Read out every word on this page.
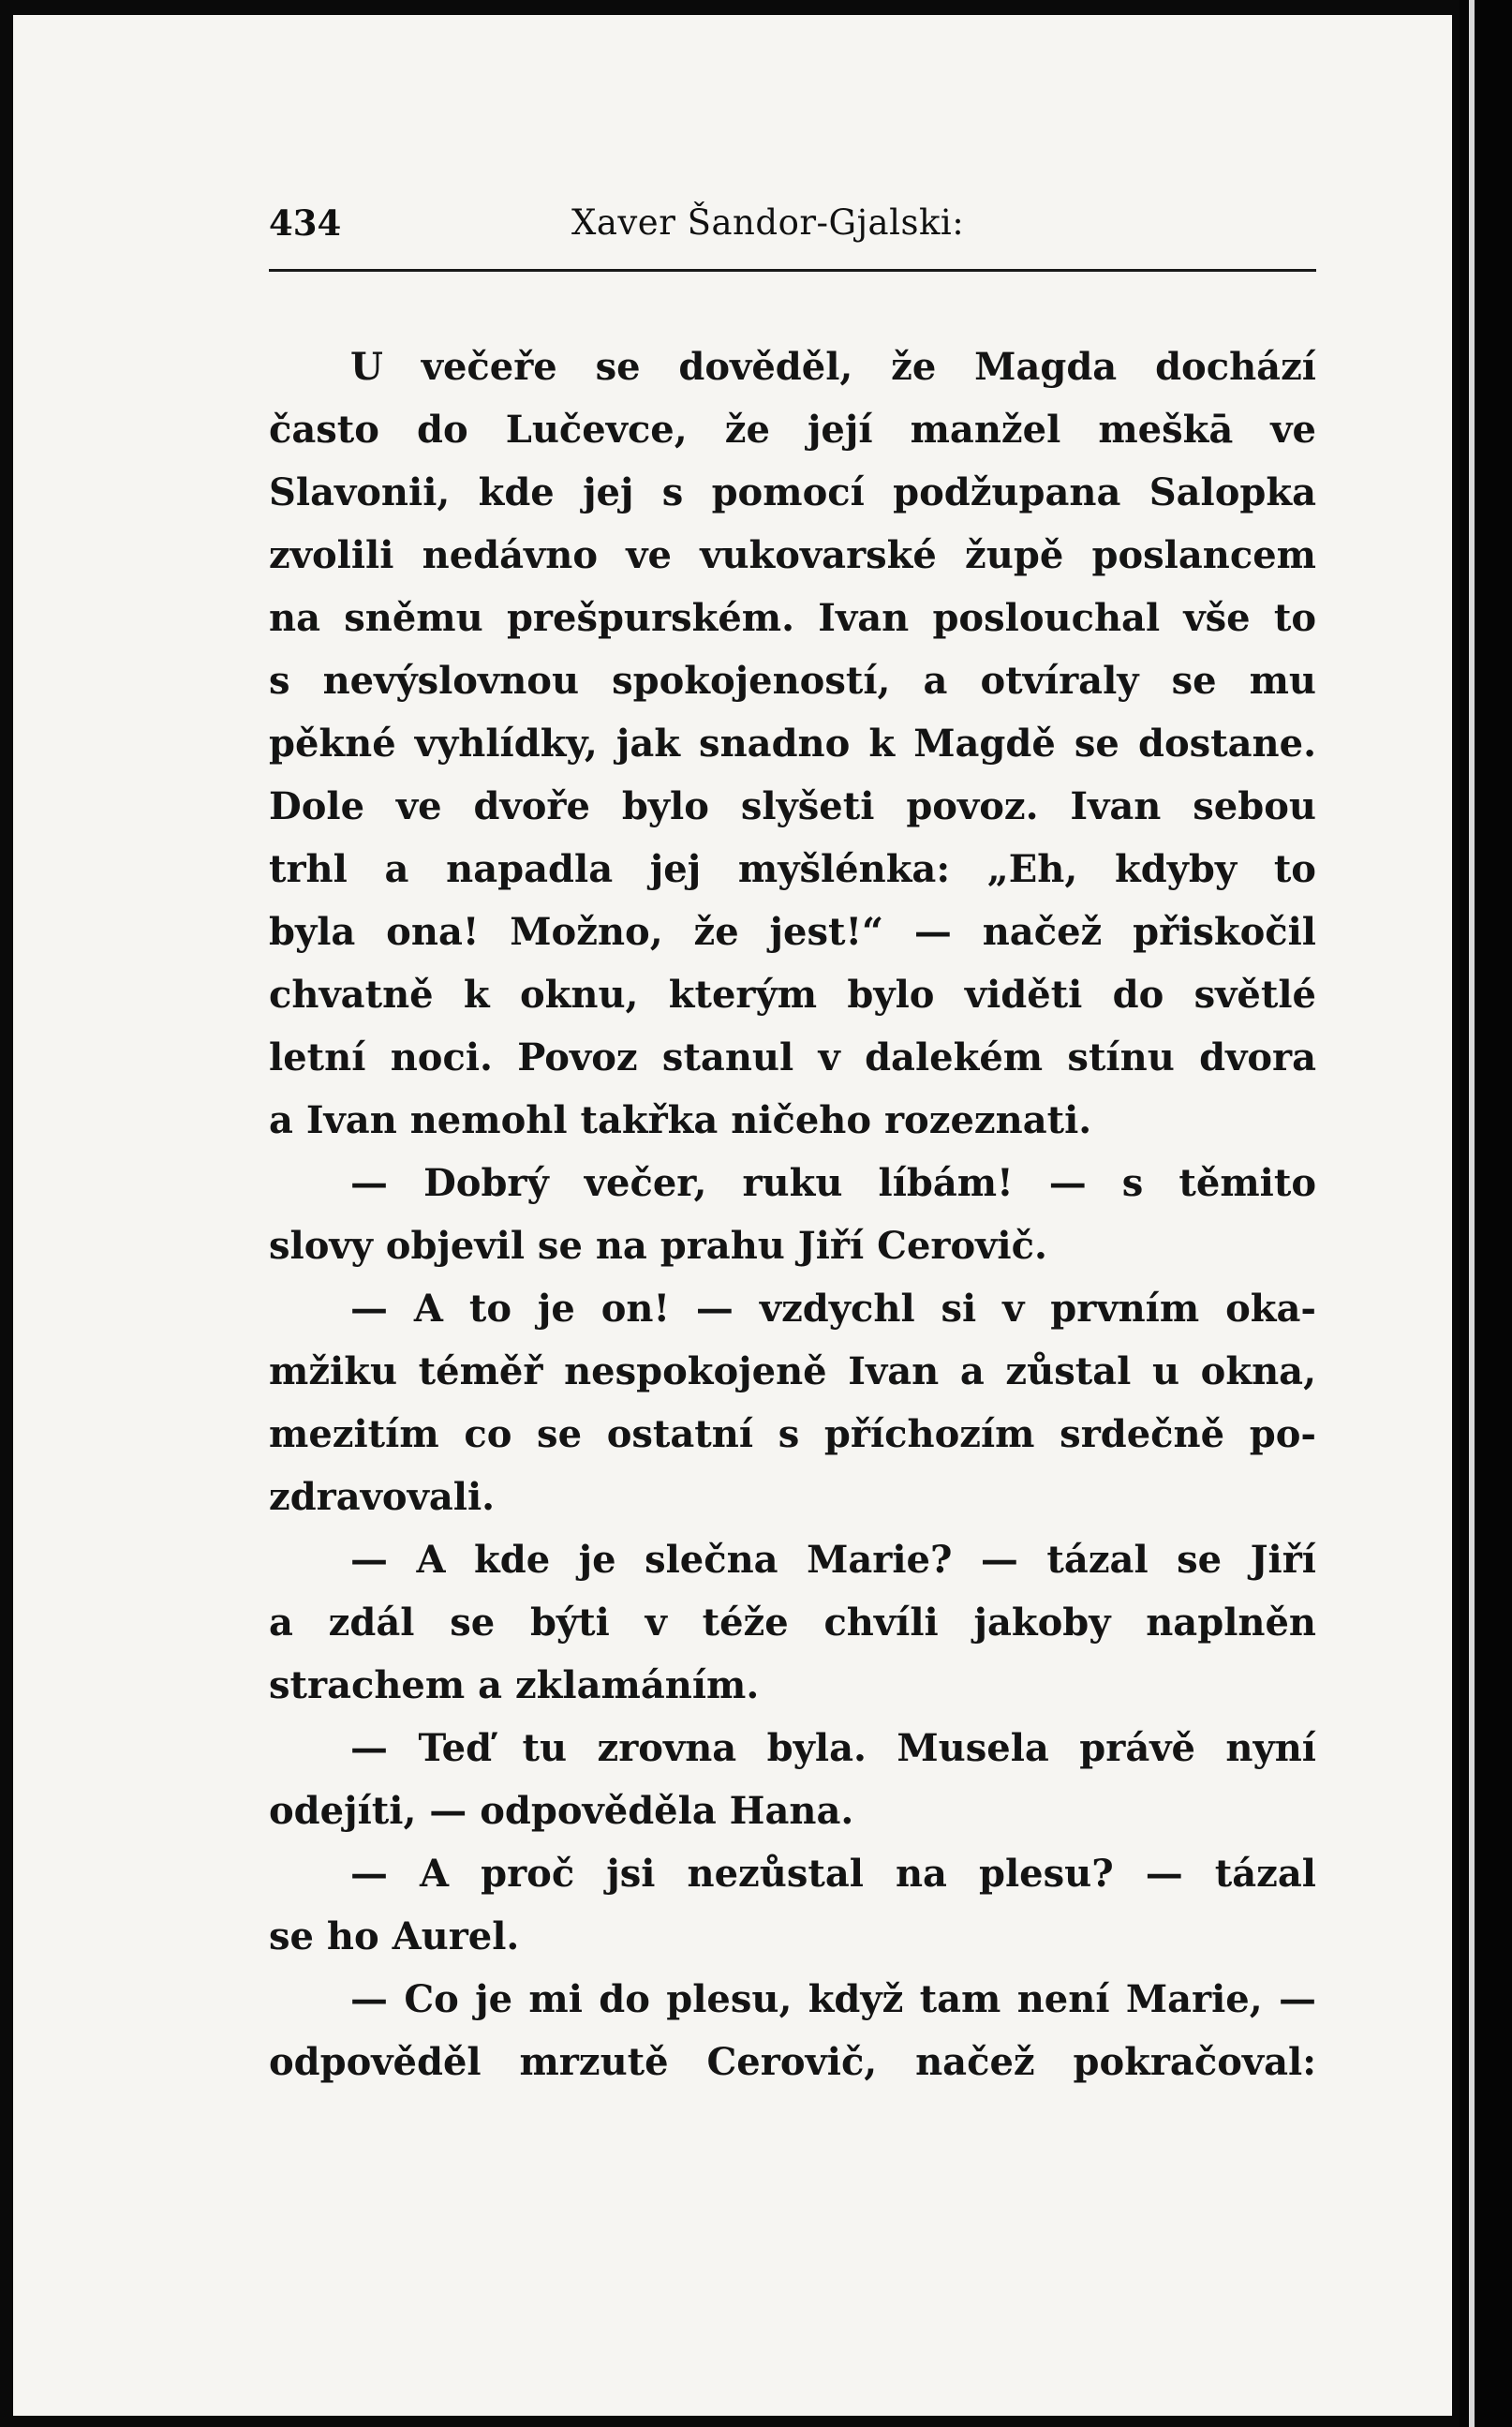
434	Xaver Šandor-Gjalski:
U večeře se dověděl, že Magda dochází
často do Lučevce, že její manžel meškā ve
Slavonii, kde jej s pomocí podžupana Salopka
zvolili nedávno ve vukovarské župě poslancem
na sněmu prešpurském. Ivan poslouchal vše to
s nevýslovnou spokojeností, a otvíraly se mu
pěkné vyhlídky, jak snadno k Magdě se dostane.
Dole ve dvoře bylo slyšeti povoz. Ivan sebou
trhl a napadla jej myšlénka: „Eh, kdyby to
byla ona! Možno, že jest!“ — načež přiskočil
chvatně k oknu, kterým bylo viděti do světlé
letní noci. Povoz stanul v dalekém stínu dvora
a Ivan nemohl takřka ničeho rozeznati.
— Dobrý večer, ruku líbám! — s těmito
slovy objevil se na prahu Jiří Cerovič.
— A to je on! — vzdychl si v prvním oka-
mžiku téměř nespokojeně Ivan a zůstal u okna,
mezitím co se ostatní s příchozím srdečně po-
zdravovali.
— A kde je slečna Marie? — tázal se Jiří
a zdál se býti v téže chvíli jakoby naplněn
strachem a zklamáním.
— Teď tu zrovna byla. Musela právě nyní
odejíti, — odpověděla Hana.
— A proč jsi nezůstal na plesu? — tázal
se ho Aurel.
— Co je mi do plesu, když tam není Marie, —
odpověděl mrzutě Cerovič, načež pokračoval:
